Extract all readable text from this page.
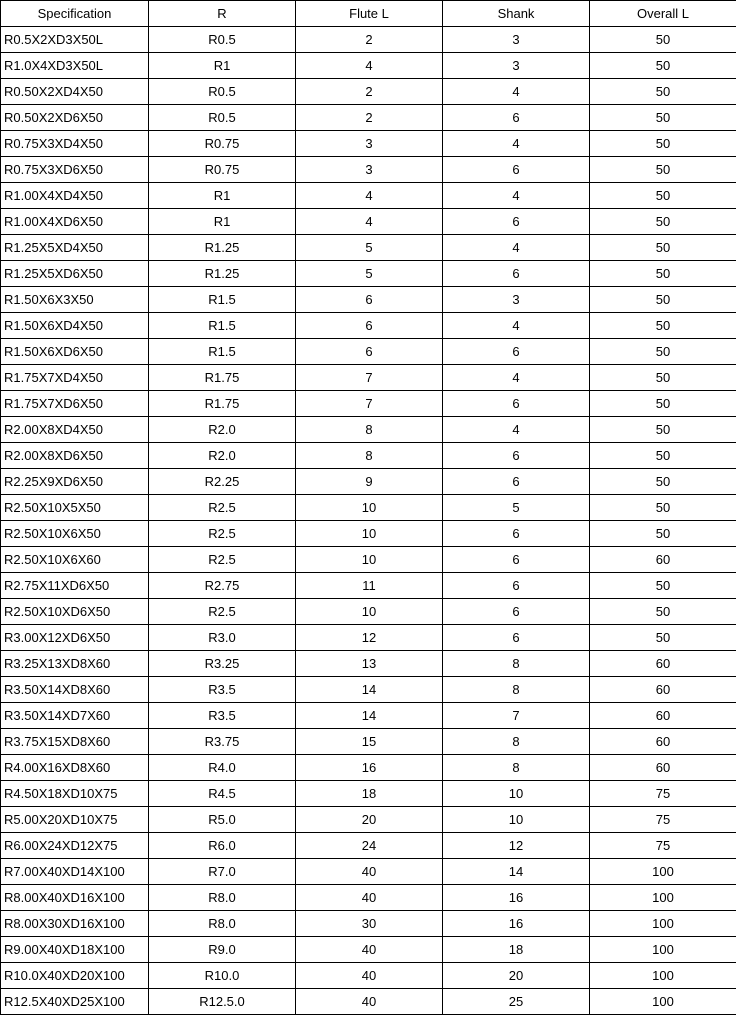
Specification	R	Flute L	Shank	Overall L
R0.5X2XD3X50L	R0.5	2	3	50
R1.0X4XD3X50L	R1	4	3	50
R0.50X2XD4X50	R0.5	2	4	50
R0.50X2XD6X50	R0.5	2	6	50
R0.75X3XD4X50	R0.75	3	4	50
R0.75X3XD6X50	R0.75	3	6	50
R1.00X4XD4X50	R1	4	4	50
R1.00X4XD6X50	R1	4	6	50
R1.25X5XD4X50	R1.25	5	4	50
R1.25X5XD6X50	R1.25	5	6	50
R1.50X6X3X50	R1.5	6	3	50
R1.50X6XD4X50	R1.5	6	4	50
R1.50X6XD6X50	R1.5	6	6	50
R1.75X7XD4X50	R1.75	7	4	50
R1.75X7XD6X50	R1.75	7	6	50
R2.00X8XD4X50	R2.0	8	4	50
R2.00X8XD6X50	R2.0	8	6	50
R2.25X9XD6X50	R2.25	9	6	50
R2.50X10X5X50	R2.5	10	5	50
R2.50X10X6X50	R2.5	10	6	50
R2.50X10X6X60	R2.5	10	6	60
R2.75X11XD6X50	R2.75	11	6	50
R2.50X10XD6X50	R2.5	10	6	50
R3.00X12XD6X50	R3.0	12	6	50
R3.25X13XD8X60	R3.25	13	8	60
R3.50X14XD8X60	R3.5	14	8	60
R3.50X14XD7X60	R3.5	14	7	60
R3.75X15XD8X60	R3.75	15	8	60
R4.00X16XD8X60	R4.0	16	8	60
R4.50X18XD10X75	R4.5	18	10	75
R5.00X20XD10X75	R5.0	20	10	75
R6.00X24XD12X75	R6.0	24	12	75
R7.00X40XD14X100	R7.0	40	14	100
R8.00X40XD16X100	R8.0	40	16	100
R8.00X30XD16X100	R8.0	30	16	100
R9.00X40XD18X100	R9.0	40	18	100
R10.0X40XD20X100	R10.0	40	20	100
R12.5X40XD25X100	R12.5.0	40	25	100
